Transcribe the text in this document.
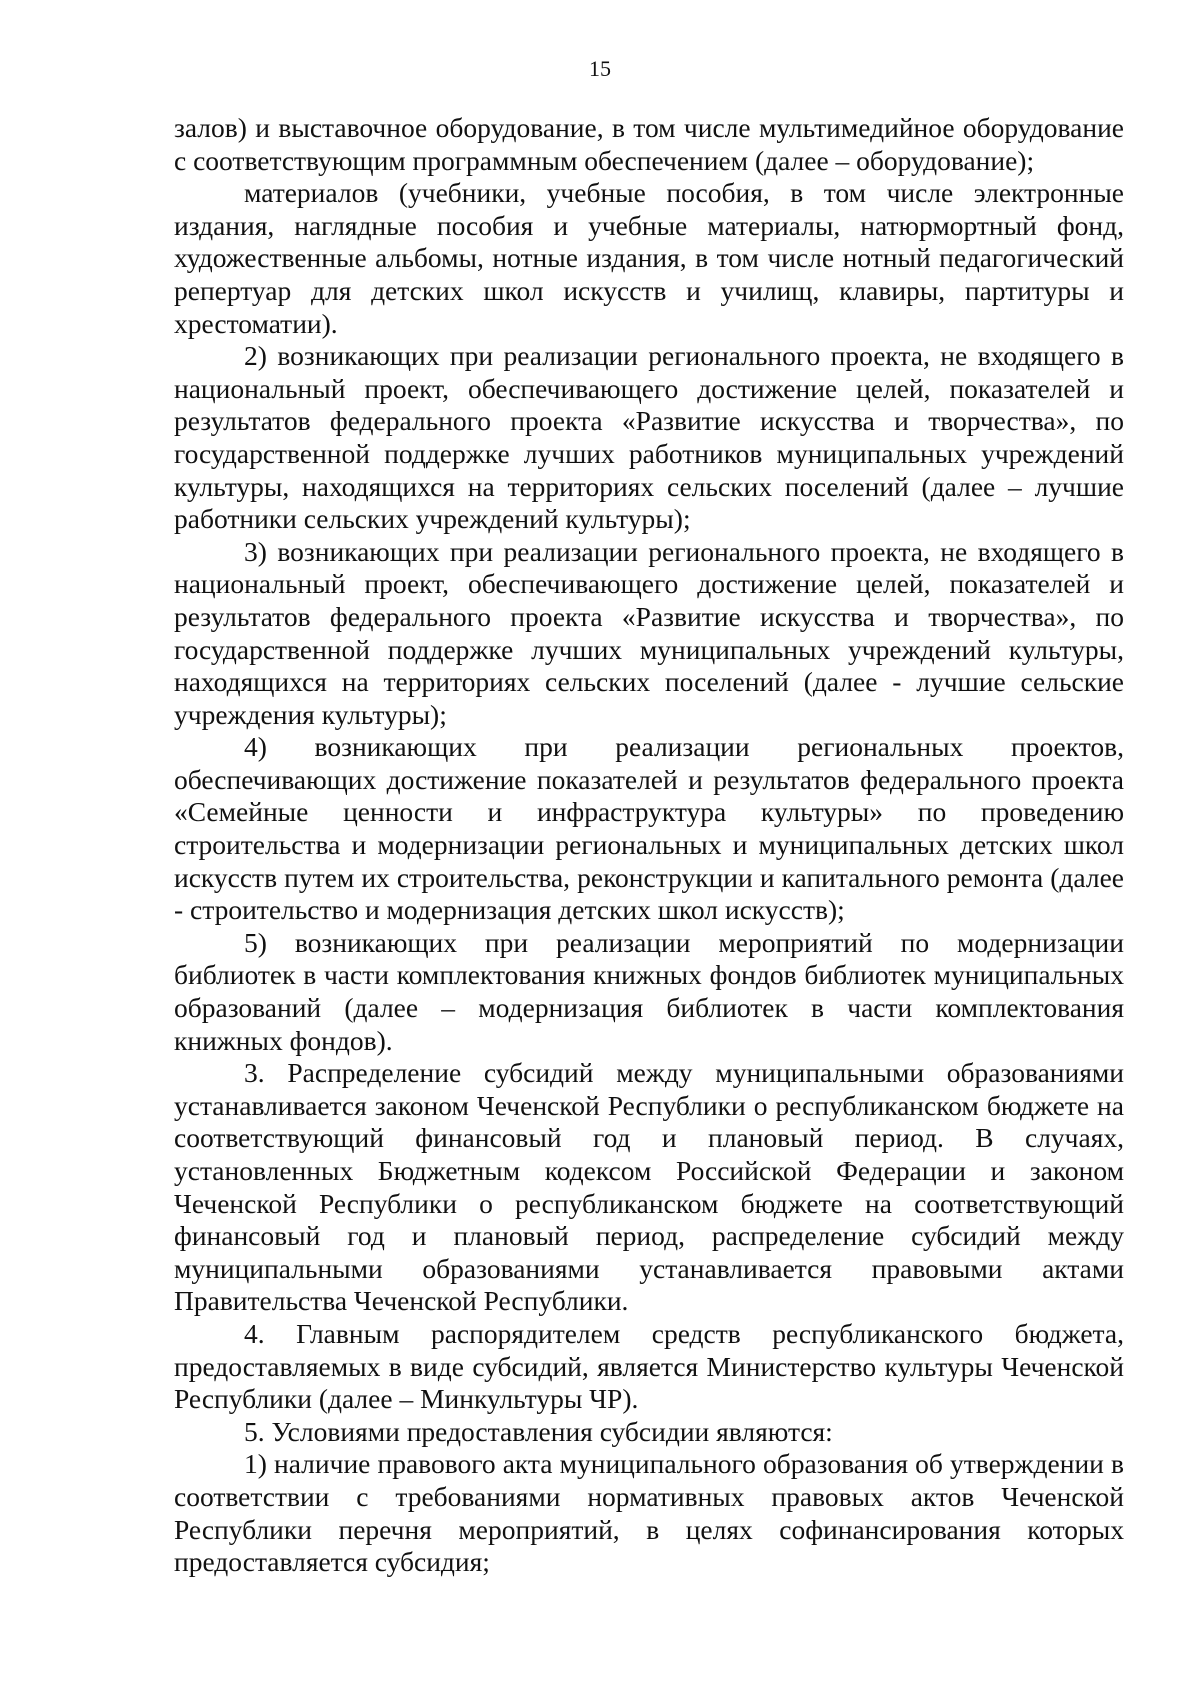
15

залов) и выставочное оборудование, в том числе мультимедийное оборудование с соответствующим программным обеспечением (далее – оборудование);

материалов (учебники, учебные пособия, в том числе электронные издания, наглядные пособия и учебные материалы, натюрмортный фонд, художественные альбомы, нотные издания, в том числе нотный педагогический репертуар для детских школ искусств и училищ, клавиры, партитуры и хрестоматии).

2) возникающих при реализации регионального проекта, не входящего в национальный проект, обеспечивающего достижение целей, показателей и результатов федерального проекта «Развитие искусства и творчества», по государственной поддержке лучших работников муниципальных учреждений культуры, находящихся на территориях сельских поселений (далее – лучшие работники сельских учреждений культуры);

3) возникающих при реализации регионального проекта, не входящего в национальный проект, обеспечивающего достижение целей, показателей и результатов федерального проекта «Развитие искусства и творчества», по государственной поддержке лучших муниципальных учреждений культуры, находящихся на территориях сельских поселений (далее - лучшие сельские учреждения культуры);

4) возникающих при реализации региональных проектов, обеспечивающих достижение показателей и результатов федерального проекта «Семейные ценности и инфраструктура культуры» по проведению строительства и модернизации региональных и муниципальных детских школ искусств путем их строительства, реконструкции и капитального ремонта (далее - строительство и модернизация детских школ искусств);

5) возникающих при реализации мероприятий по модернизации библиотек в части комплектования книжных фондов библиотек муниципальных образований (далее – модернизация библиотек в части комплектования книжных фондов).

3. Распределение субсидий между муниципальными образованиями устанавливается законом Чеченской Республики о республиканском бюджете на соответствующий финансовый год и плановый период. В случаях, установленных Бюджетным кодексом Российской Федерации и законом Чеченской Республики о республиканском бюджете на соответствующий финансовый год и плановый период, распределение субсидий между муниципальными образованиями устанавливается правовыми актами Правительства Чеченской Республики.

4. Главным распорядителем средств республиканского бюджета, предоставляемых в виде субсидий, является Министерство культуры Чеченской Республики (далее – Минкультуры ЧР).

5. Условиями предоставления субсидии являются:

1) наличие правового акта муниципального образования об утверждении в соответствии с требованиями нормативных правовых актов Чеченской Республики перечня мероприятий, в целях софинансирования которых предоставляется субсидия;
